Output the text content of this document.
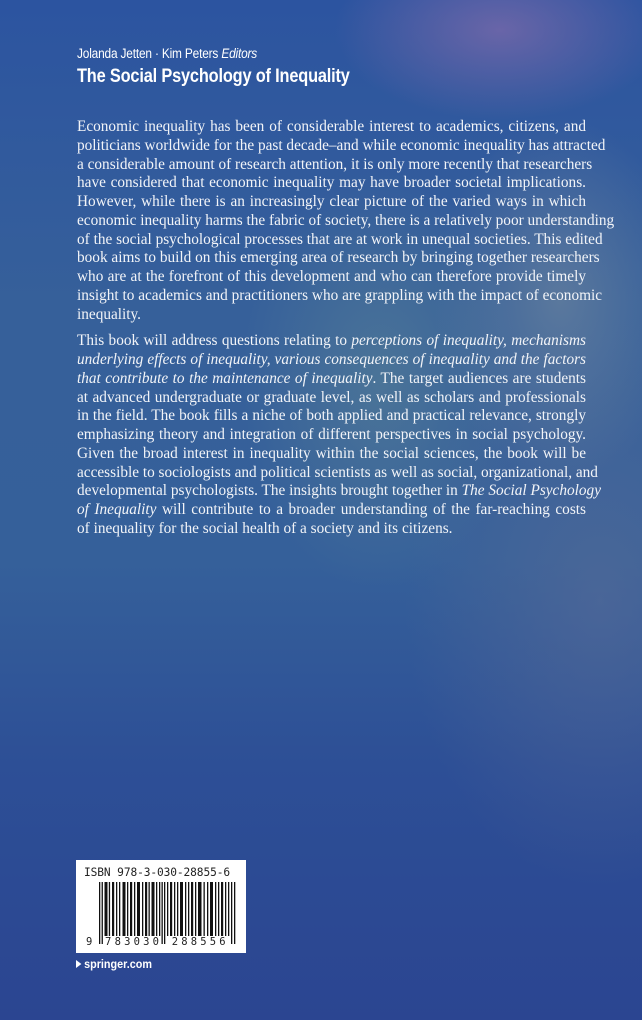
Jolanda Jetten · Kim Peters Editors
The Social Psychology of Inequality

Economic inequality has been of considerable interest to academics, citizens, and
politicians worldwide for the past decade–and while economic inequality has attracted
a considerable amount of research attention, it is only more recently that researchers
have considered that economic inequality may have broader societal implications.
However, while there is an increasingly clear picture of the varied ways in which
economic inequality harms the fabric of society, there is a relatively poor understanding
of the social psychological processes that are at work in unequal societies. This edited
book aims to build on this emerging area of research by bringing together researchers
who are at the forefront of this development and who can therefore provide timely
insight to academics and practitioners who are grappling with the impact of economic
inequality.

This book will address questions relating to perceptions of inequality, mechanisms
underlying effects of inequality, various consequences of inequality and the factors
that contribute to the maintenance of inequality. The target audiences are students
at advanced undergraduate or graduate level, as well as scholars and professionals
in the field. The book fills a niche of both applied and practical relevance, strongly
emphasizing theory and integration of different perspectives in social psychology.
Given the broad interest in inequality within the social sciences, the book will be
accessible to sociologists and political scientists as well as social, organizational, and
developmental psychologists. The insights brought together in The Social Psychology
of Inequality will contribute to a broader understanding of the far-reaching costs
of inequality for the social health of a society and its citizens.

ISBN 978-3-030-28855-6
9 783030 288556
springer.com
